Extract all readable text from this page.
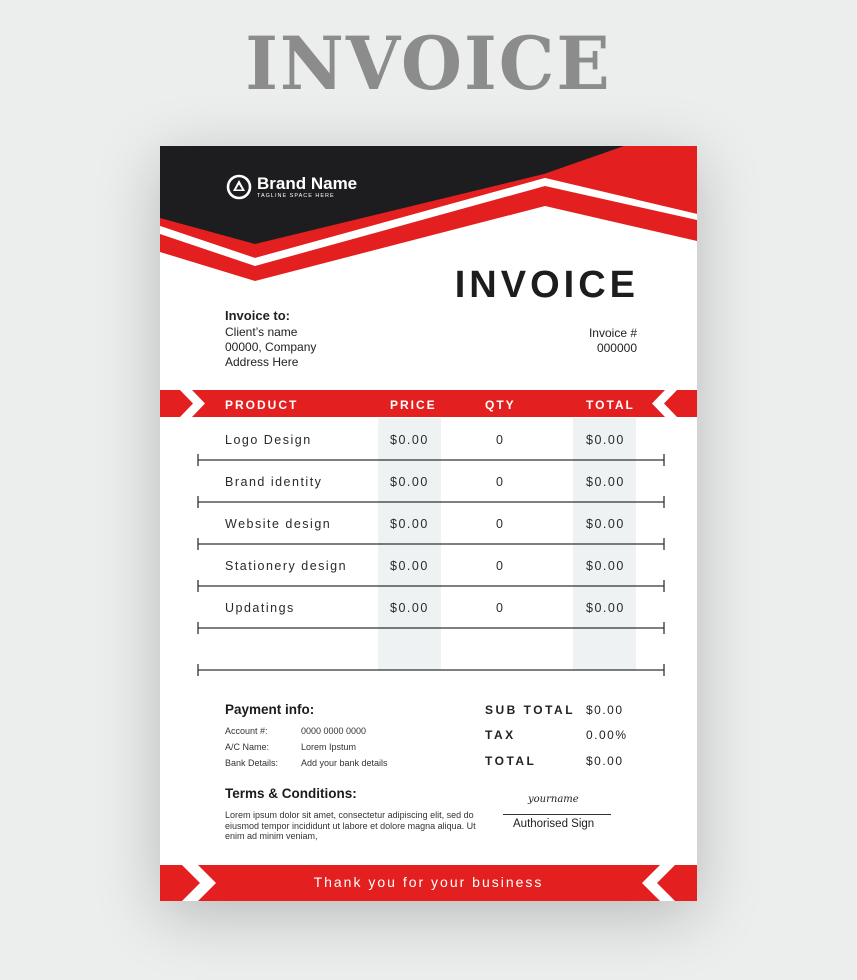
INVOICE
Brand Name
TAGLINE SPACE HERE
INVOICE
Invoice to:
Client’s name
00000, Company
Address Here
Invoice #
000000
PRODUCT	PRICE	QTY	TOTAL
Logo Design	$0.00	0	$0.00
Brand identity	$0.00	0	$0.00
Website design	$0.00	0	$0.00
Stationery design	$0.00	0	$0.00
Updatings	$0.00	0	$0.00
Payment info:
Account #:	0000 0000 0000
A/C Name:	Lorem Ipstum
Bank Details:	Add your bank details
SUB TOTAL $0.00
TAX	0.00%
TOTAL	$0.00
Terms & Conditions:
Lorem ipsum dolor sit amet, consectetur adipiscing elit, sed do eiusmod tempor incididunt ut labore et dolore magna aliqua. Ut enim ad minim veniam,
yourname
Authorised Sign
Thank you for your business
